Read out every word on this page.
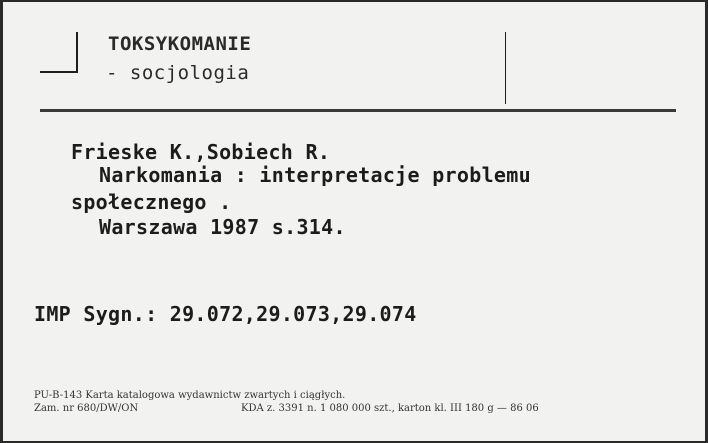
TOKSYKOMANIE
- socjologia
Frieske K.,Sobiech R.
Narkomania : interpretacje problemu
społecznego .
Warszawa 1987 s.314.
IMP Sygn.: 29.072,29.073,29.074
PU-B-143 Karta katalogowa wydawnictw zwartych i ciągłych.
Zam. nr 680/DW/ON	KDA z. 3391 n. 1 080 000 szt., karton kl. III 180 g — 86 06
